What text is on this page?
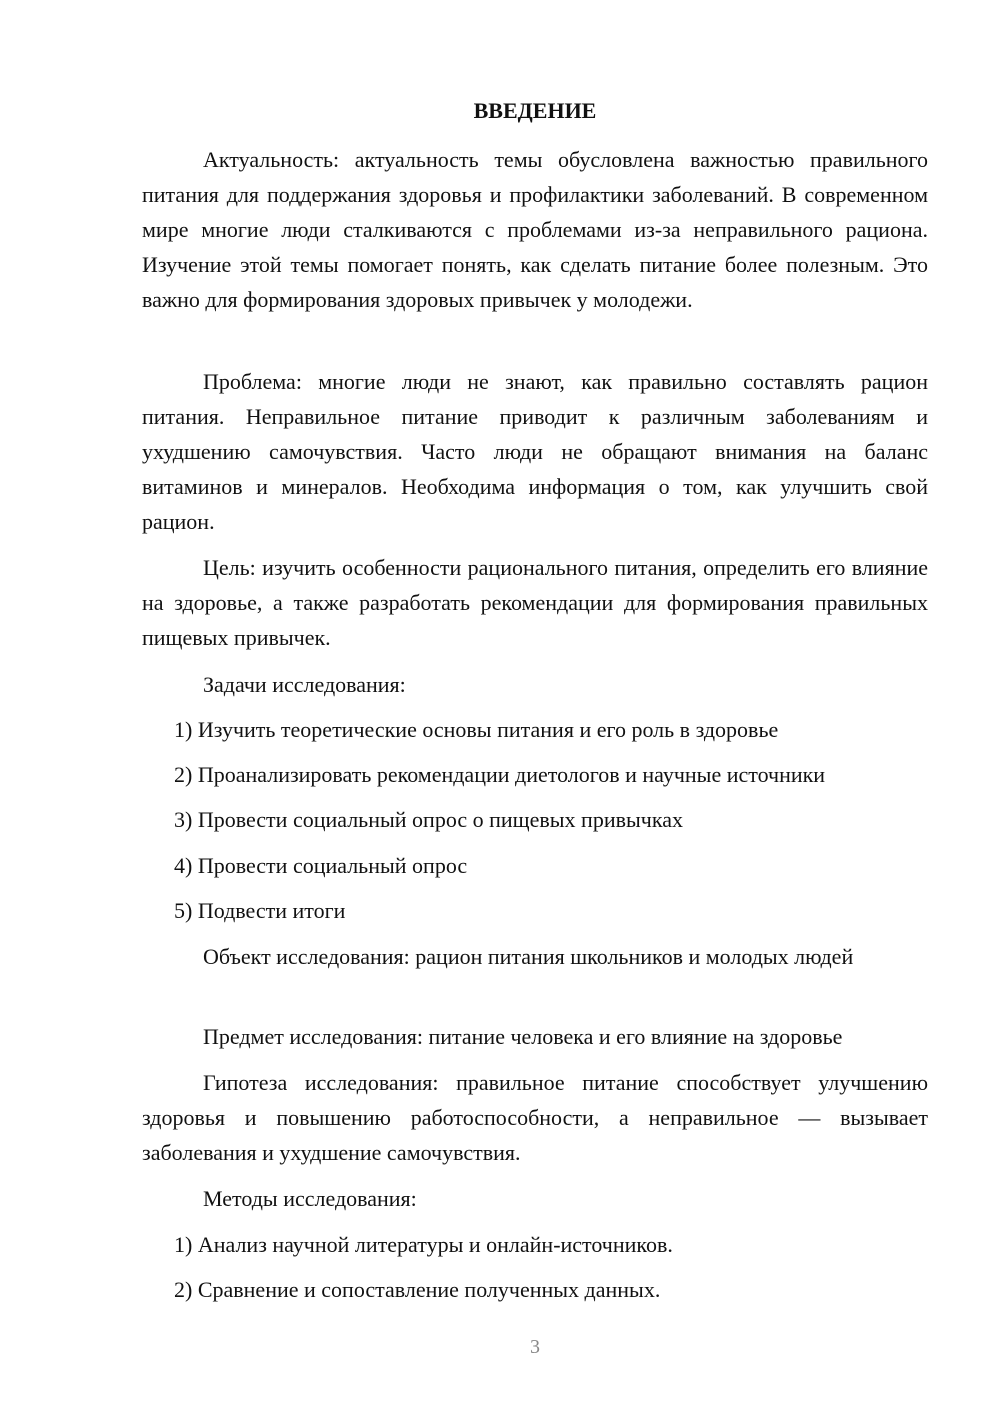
ВВЕДЕНИЕ

Актуальность: актуальность темы обусловлена важностью правильного питания для поддержания здоровья и профилактики заболеваний. В современном мире многие люди сталкиваются с проблемами из-за неправильного рациона. Изучение этой темы помогает понять, как сделать питание более полезным. Это важно для формирования здоровых привычек у молодежи.

Проблема: многие люди не знают, как правильно составлять рацион питания. Неправильное питание приводит к различным заболеваниям и ухудшению самочувствия. Часто люди не обращают внимания на баланс витаминов и минералов. Необходима информация о том, как улучшить свой рацион.

Цель: изучить особенности рационального питания, определить его влияние на здоровье, а также разработать рекомендации для формирования правильных пищевых привычек.

Задачи исследования:

1) Изучить теоретические основы питания и его роль в здоровье

2) Проанализировать рекомендации диетологов и научные источники

3) Провести социальный опрос о пищевых привычках

4) Провести социальный опрос

5) Подвести итоги

Объект исследования: рацион питания школьников и молодых людей

Предмет исследования: питание человека и его влияние на здоровье

Гипотеза исследования: правильное питание способствует улучшению здоровья и повышению работоспособности, а неправильное — вызывает заболевания и ухудшение самочувствия.

Методы исследования:

1) Анализ научной литературы и онлайн-источников.

2) Сравнение и сопоставление полученных данных.

3
